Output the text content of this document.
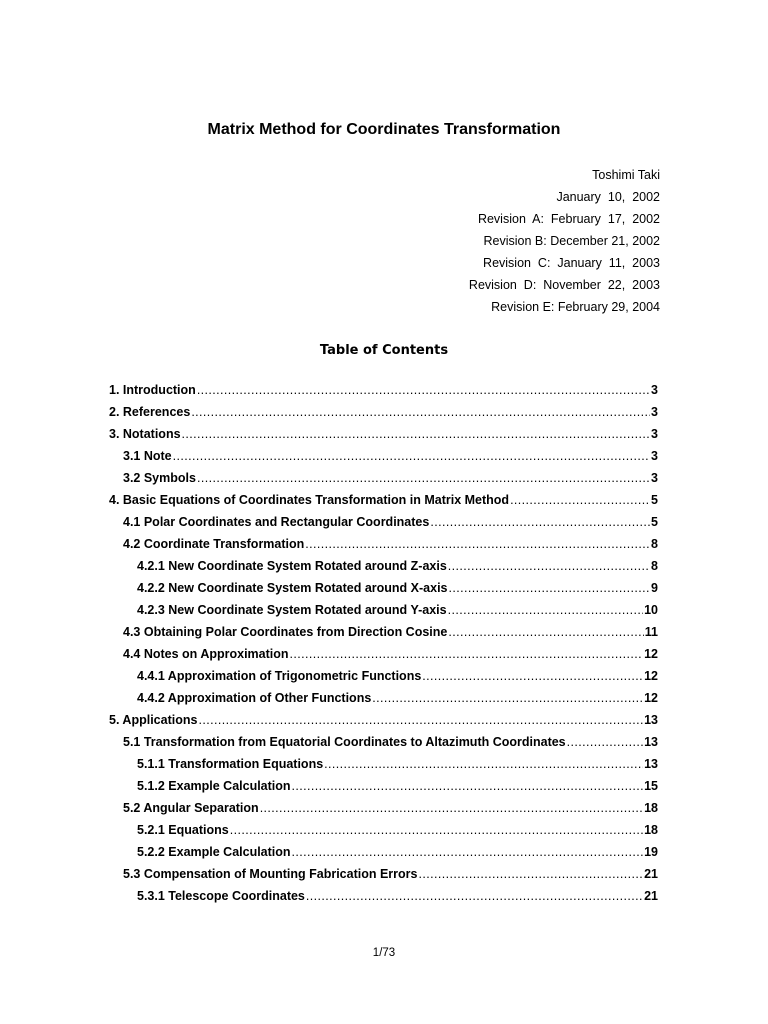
Matrix Method for Coordinates Transformation
Toshimi Taki
January  10,  2002
Revision  A:  February  17,  2002
Revision B: December 21, 2002
Revision  C:  January  11,  2003
Revision  D:  November  22,  2003
Revision E: February 29, 2004
Table of Contents
1. Introduction .....	3
2. References .....	3
3. Notations .....	3
3.1 Note .....	3
3.2 Symbols .....	3
4. Basic Equations of Coordinates Transformation in Matrix Method .....	5
4.1 Polar Coordinates and Rectangular Coordinates .....	5
4.2 Coordinate Transformation .....	8
4.2.1 New Coordinate System Rotated around Z-axis .....	8
4.2.2 New Coordinate System Rotated around X-axis .....	9
4.2.3 New Coordinate System Rotated around Y-axis .....	10
4.3 Obtaining Polar Coordinates from Direction Cosine .....	11
4.4 Notes on Approximation .....	12
4.4.1 Approximation of Trigonometric Functions .....	12
4.4.2 Approximation of Other Functions .....	12
5. Applications .....	13
5.1 Transformation from Equatorial Coordinates to Altazimuth Coordinates .....	13
5.1.1 Transformation Equations .....	13
5.1.2 Example Calculation .....	15
5.2 Angular Separation .....	18
5.2.1 Equations .....	18
5.2.2 Example Calculation .....	19
5.3 Compensation of Mounting Fabrication Errors .....	21
5.3.1 Telescope Coordinates .....	21
1/73
